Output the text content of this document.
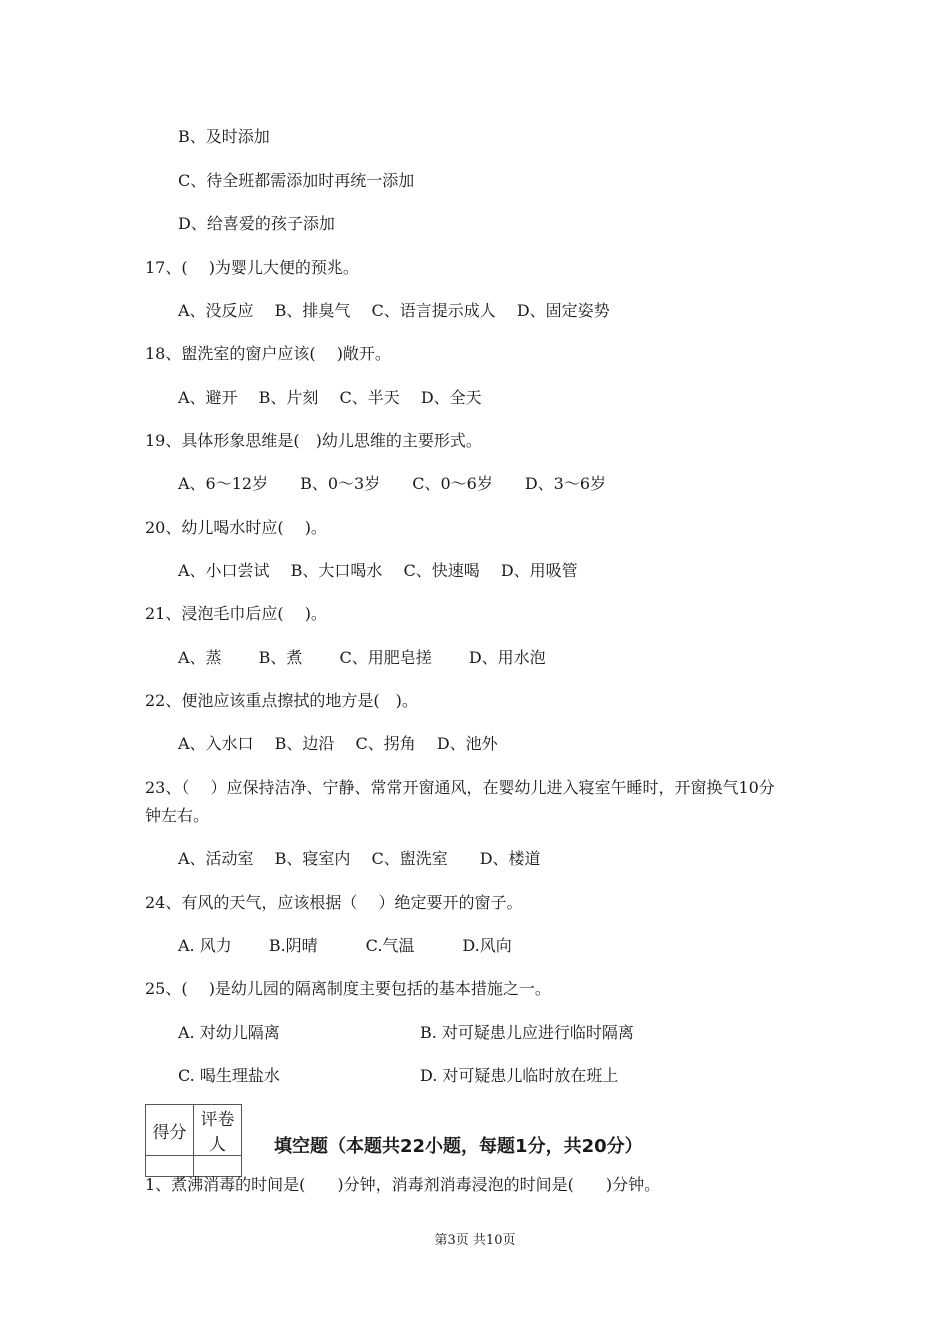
B、及时添加
C、待全班都需添加时再统一添加
D、给喜爱的孩子添加
17、(　 )为婴儿大便的预兆。
A、没反应　 B、排臭气　 C、语言提示成人　 D、固定姿势
18、盥洗室的窗户应该(　 )敞开。
A、避开　 B、片刻　 C、半天　 D、全天
19、具体形象思维是(　)幼儿思维的主要形式。
A、6～12岁　　B、0～3岁　　C、0～6岁　　D、3～6岁
20、幼儿喝水时应(　 )。
A、小口尝试　 B、大口喝水　 C、快速喝　 D、用吸管
21、浸泡毛巾后应(　 )。
A、蒸　　 B、煮　　 C、用肥皂搓　　 D、用水泡
22、便池应该重点擦拭的地方是(　)。
A、入水口　 B、边沿　 C、拐角　 D、池外
23、（　 ）应保持洁净、宁静、常常开窗通风，在婴幼儿进入寝室午睡时，开窗换气10分
钟左右。
A、活动室　 B、寝室内　 C、盥洗室　　D、楼道
24、有风的天气，应该根据（　 ）绝定要开的窗子。
A. 风力　　 B.阴晴　　　C.气温　　　D.风向
25、(　 )是幼儿园的隔离制度主要包括的基本措施之一。
A. 对幼儿隔离	B. 对可疑患儿应进行临时隔离
C. 喝生理盐水	D. 对可疑患儿临时放在班上
得分	评卷人
		填空题（本题共22小题，每题1分，共20分）
1、煮沸消毒的时间是(　　)分钟，消毒剂消毒浸泡的时间是(　　)分钟。
第3页 共10页
